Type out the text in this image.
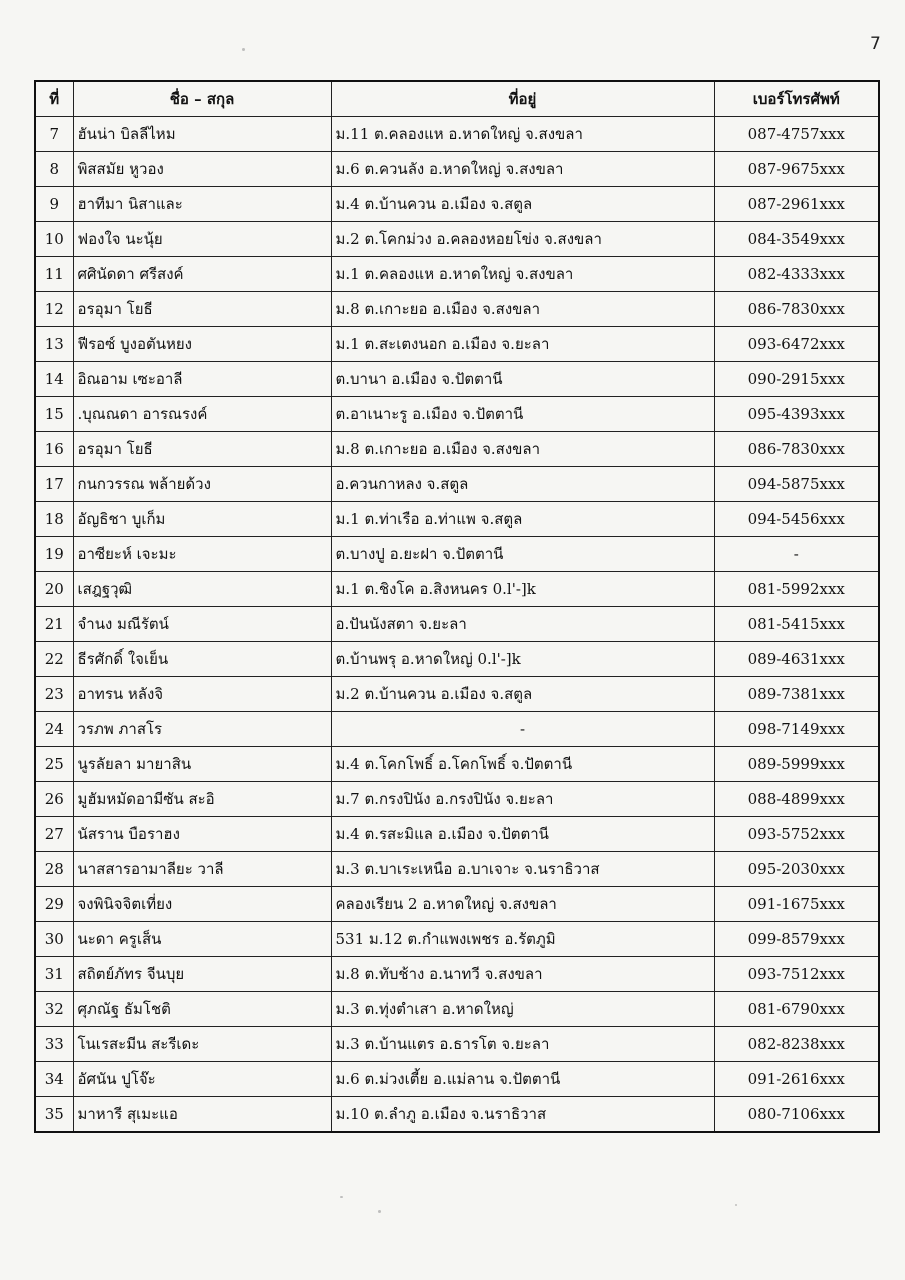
7
ที่	ชื่อ – สกุล	ที่อยู่	เบอร์โทรศัพท์
7	ฮันน่า บิลลีไหม	ม.11 ต.คลองแห อ.หาดใหญ่ จ.สงขลา	087-4757xxx
8	พิสสมัย หูวอง	ม.6 ต.ควนลัง อ.หาดใหญ่ จ.สงขลา	087-9675xxx
9	ฮาทีมา นิสาและ	ม.4 ต.บ้านควน อ.เมือง จ.สตูล	087-2961xxx
10	ฟองใจ นะนุ้ย	ม.2 ต.โคกม่วง อ.คลองหอยโข่ง จ.สงขลา	084-3549xxx
11	ศศินัดดา ศรีสงค์	ม.1 ต.คลองแห อ.หาดใหญ่ จ.สงขลา	082-4333xxx
12	อรอุมา โยธี	ม.8 ต.เกาะยอ อ.เมือง จ.สงขลา	086-7830xxx
13	ฟีรอซ์ บูงอตันหยง	ม.1 ต.สะเตงนอก อ.เมือง จ.ยะลา	093-6472xxx
14	อิณอาม เซะอาลี	ต.บานา อ.เมือง จ.ปัตตานี	090-2915xxx
15	.บุณณดา อารณรงค์	ต.อาเนาะรู อ.เมือง จ.ปัตตานี	095-4393xxx
16	อรอุมา โยธี	ม.8 ต.เกาะยอ อ.เมือง จ.สงขลา	086-7830xxx
17	กนกวรรณ พล้ายด้วง	อ.ควนกาหลง จ.สตูล	094-5875xxx
18	อัญธิชา บูเก็ม	ม.1 ต.ท่าเรือ อ.ท่าแพ จ.สตูล	094-5456xxx
19	อาซียะห์ เจะมะ	ต.บางปู อ.ยะฝา จ.ปัตตานี	-
20	เสฎฐวุฒิ	ม.1 ต.ชิงโค อ.สิงหนคร 0.l'-]k	081-5992xxx
21	จำนง มณีรัตน์	อ.ปันนังสตา จ.ยะลา	081-5415xxx
22	ธีรศักดิ์ ใจเย็น	ต.บ้านพรุ อ.หาดใหญ่ 0.l'-]k	089-4631xxx
23	อาทรน หลังจิ	ม.2 ต.บ้านควน อ.เมือง จ.สตูล	089-7381xxx
24	วรภพ ภาสโร	-	098-7149xxx
25	นูรลัยลา มายาสิน	ม.4 ต.โคกโพธิ์ อ.โคกโพธิ์ จ.ปัตตานี	089-5999xxx
26	มูฮัมหมัดอามีซัน สะอิ	ม.7 ต.กรงปินัง อ.กรงปินัง จ.ยะลา	088-4899xxx
27	นัสราน บือราฮง	ม.4 ต.รสะมิแล อ.เมือง จ.ปัตตานี	093-5752xxx
28	นาสสารอามาลียะ วาลี	ม.3 ต.บาเระเหนือ อ.บาเจาะ จ.นราธิวาส	095-2030xxx
29	จงพินิจจิตเที่ยง	คลองเรียน 2 อ.หาดใหญ่ จ.สงขลา	091-1675xxx
30	นะดา ครูเส็น	531 ม.12 ต.กำแพงเพชร อ.รัตภูมิ	099-8579xxx
31	สถิตย์ภัทร จีนบุย	ม.8 ต.ทับช้าง อ.นาทวี จ.สงขลา	093-7512xxx
32	ศุภณัฐ ธัมโชติ	ม.3 ต.ทุ่งตำเสา อ.หาดใหญ่	081-6790xxx
33	โนเรสะมีน สะรีเดะ	ม.3 ต.บ้านแตร อ.ธารโต จ.ยะลา	082-8238xxx
34	อัศนัน ปูโจ๊ะ	ม.6 ต.ม่วงเตี้ย อ.แม่ลาน จ.ปัตตานี	091-2616xxx
35	มาหารี สุเมะแอ	ม.10 ต.ลำภู อ.เมือง จ.นราธิวาส	080-7106xxx
